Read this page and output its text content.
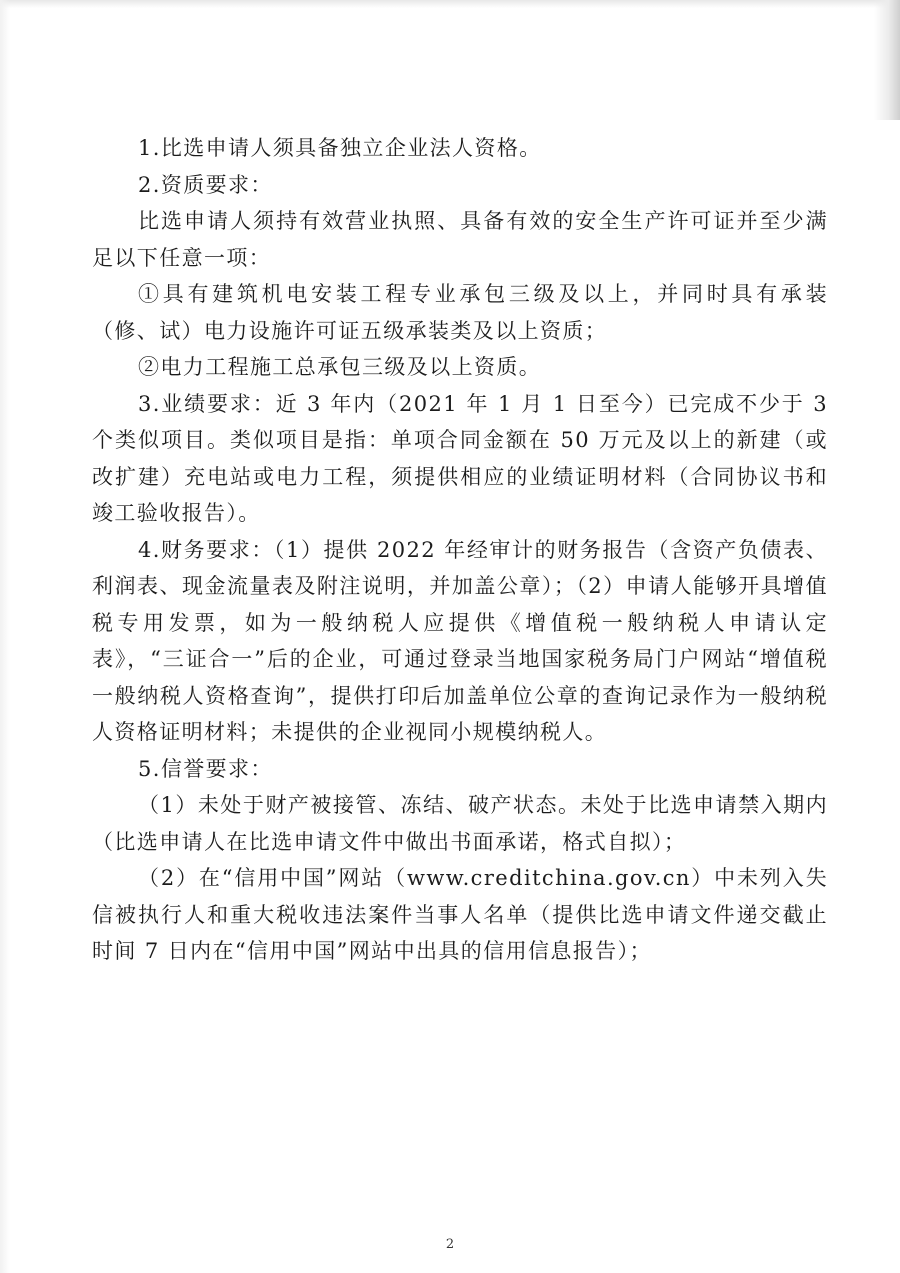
1.比选申请人须具备独立企业法人资格。

2.资质要求：

比选申请人须持有效营业执照、具备有效的安全生产许可证并至少满足以下任意一项：

①具有建筑机电安装工程专业承包三级及以上，并同时具有承装（修、试）电力设施许可证五级承装类及以上资质；

②电力工程施工总承包三级及以上资质。

3.业绩要求：近 3 年内（2021 年 1 月 1 日至今）已完成不少于 3 个类似项目。类似项目是指：单项合同金额在 50 万元及以上的新建（或改扩建）充电站或电力工程，须提供相应的业绩证明材料（合同协议书和竣工验收报告）。

4.财务要求：（1）提供 2022 年经审计的财务报告（含资产负债表、利润表、现金流量表及附注说明，并加盖公章）；（2）申请人能够开具增值税专用发票，如为一般纳税人应提供《增值税一般纳税人申请认定表》，“三证合一”后的企业，可通过登录当地国家税务局门户网站“增值税一般纳税人资格查询”，提供打印后加盖单位公章的查询记录作为一般纳税人资格证明材料；未提供的企业视同小规模纳税人。

5.信誉要求：

（1）未处于财产被接管、冻结、破产状态。未处于比选申请禁入期内（比选申请人在比选申请文件中做出书面承诺，格式自拟）；

（2）在“信用中国”网站（www.creditchina.gov.cn）中未列入失信被执行人和重大税收违法案件当事人名单（提供比选申请文件递交截止时间 7 日内在“信用中国”网站中出具的信用信息报告）；

2
